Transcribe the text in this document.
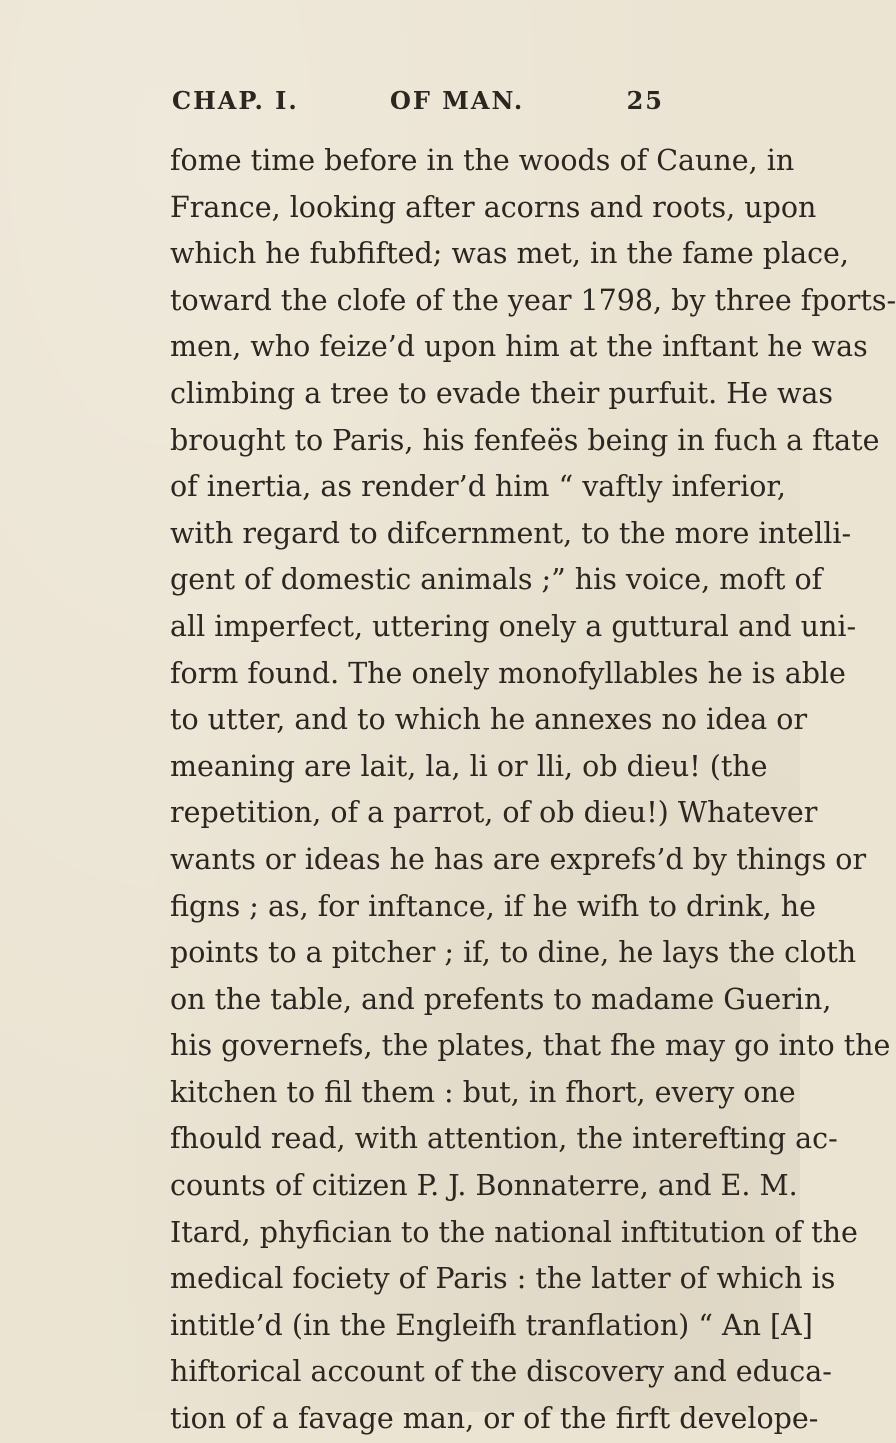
CHAP. I.	OF MAN.	25
fome time before in the woods of Caune, in
France, looking after acorns and roots, upon
which he fubfifted; was met, in the fame place,
toward the clofe of the year 1798, by three fports-
men, who feize’d upon him at the inftant he was
climbing a tree to evade their purfuit. He was
brought to Paris, his fenfeës being in fuch a ftate
of inertia, as render’d him “ vaftly inferior,
with regard to difcernment, to the more intelli-
gent of domestic animals ;” his voice, moft of
all imperfect, uttering onely a guttural and uni-
form found. The onely monofyllables he is able
to utter, and to which he annexes no idea or
meaning are lait, la, li or lli, ob dieu! (the
repetition, of a parrot, of ob dieu!) Whatever
wants or ideas he has are exprefs’d by things or
figns ; as, for inftance, if he wifh to drink, he
points to a pitcher ; if, to dine, he lays the cloth
on the table, and prefents to madame Guerin,
his governefs, the plates, that fhe may go into the
kitchen to fil them : but, in fhort, every one
fhould read, with attention, the interefting ac-
counts of citizen P. J. Bonnaterre, and E. M.
Itard, phyfician to the national inftitution of the
medical fociety of Paris : the latter of which is
intitle’d (in the Engleifh tranflation) “ An [A]
hiftorical account of the discovery and educa-
tion of a favage man, or of the firft develope-
